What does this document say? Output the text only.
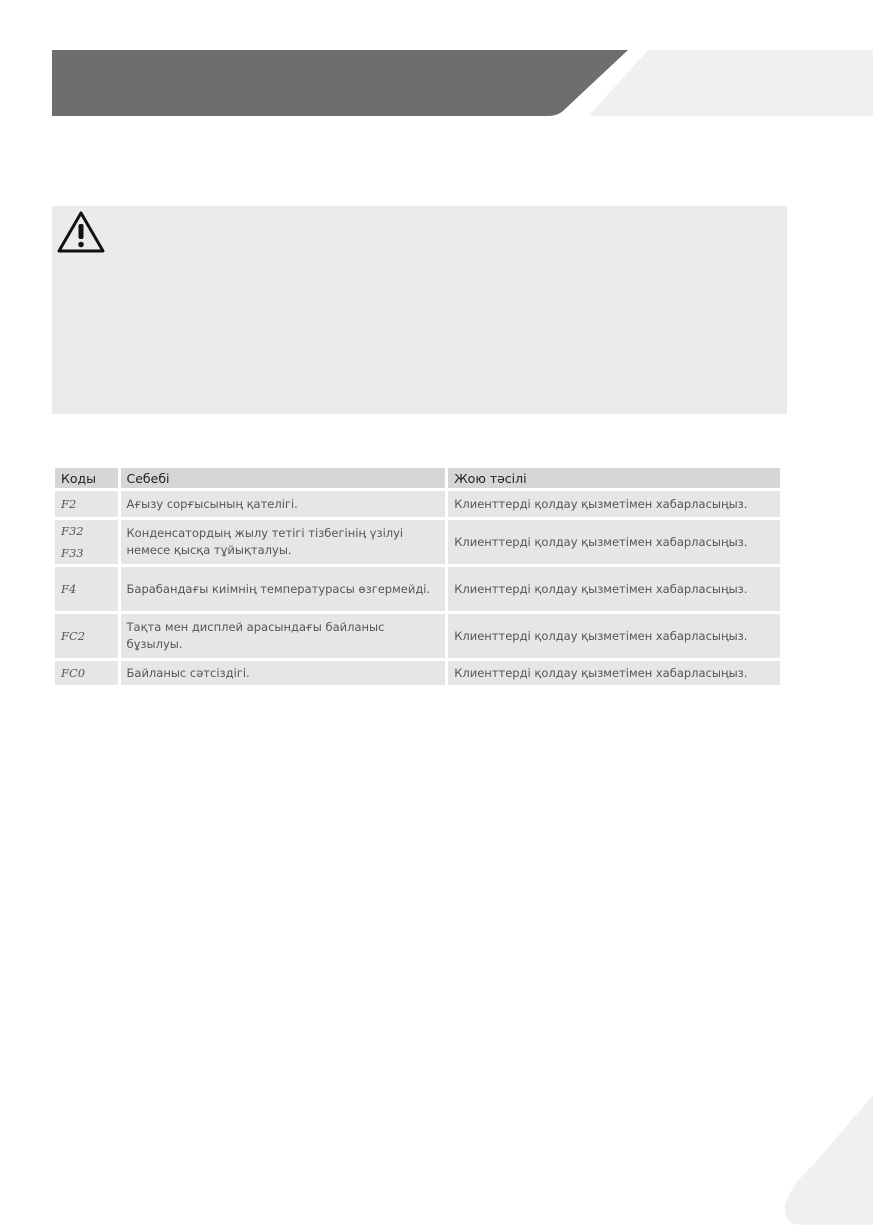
Коды	Себебі	Жою тәсілі

F2	Ағызу сорғысының қателігі.	Клиенттерді қолдау қызметімен хабарласыңыз.

F32
F33	Конденсатордың жылу тетігі тізбегінің үзілуі немесе қысқа тұйықталуы.	Клиенттерді қолдау қызметімен хабарласыңыз.

F4	Барабандағы киімнің температурасы өзгермейді.	Клиенттерді қолдау қызметімен хабарласыңыз.

FC2	Тақта мен дисплей арасындағы байланыс бұзылуы.	Клиенттерді қолдау қызметімен хабарласыңыз.

FC0	Байланыс сәтсіздігі.	Клиенттерді қолдау қызметімен хабарласыңыз.
